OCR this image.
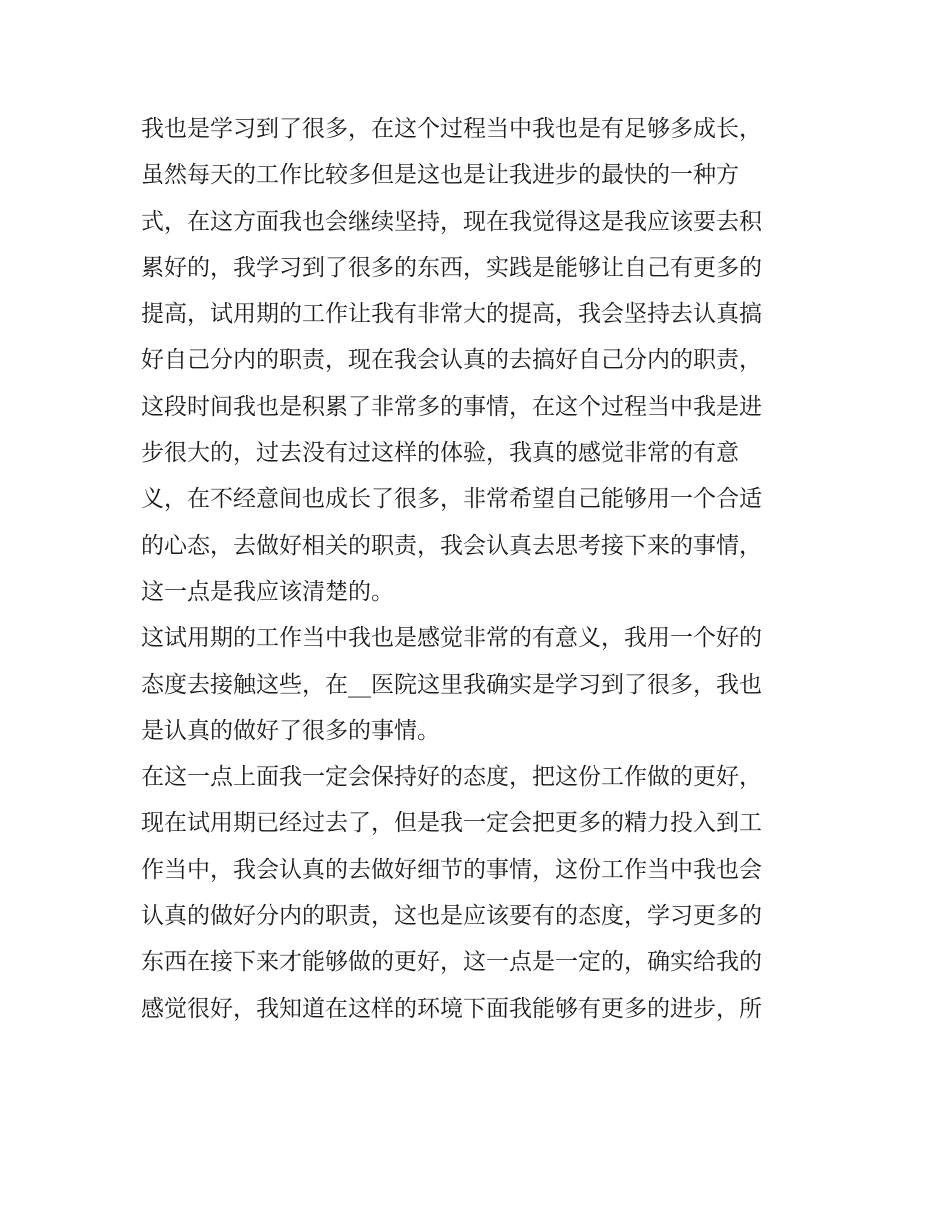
我也是学习到了很多，在这个过程当中我也是有足够多成长，
虽然每天的工作比较多但是这也是让我进步的最快的一种方
式，在这方面我也会继续坚持，现在我觉得这是我应该要去积
累好的，我学习到了很多的东西，实践是能够让自己有更多的
提高，试用期的工作让我有非常大的提高，我会坚持去认真搞
好自己分内的职责，现在我会认真的去搞好自己分内的职责，
这段时间我也是积累了非常多的事情，在这个过程当中我是进
步很大的，过去没有过这样的体验，我真的感觉非常的有意
义，在不经意间也成长了很多，非常希望自己能够用一个合适
的心态，去做好相关的职责，我会认真去思考接下来的事情，
这一点是我应该清楚的。
这试用期的工作当中我也是感觉非常的有意义，我用一个好的
态度去接触这些，在__医院这里我确实是学习到了很多，我也
是认真的做好了很多的事情。
在这一点上面我一定会保持好的态度，把这份工作做的更好，
现在试用期已经过去了，但是我一定会把更多的精力投入到工
作当中，我会认真的去做好细节的事情，这份工作当中我也会
认真的做好分内的职责，这也是应该要有的态度，学习更多的
东西在接下来才能够做的更好，这一点是一定的，确实给我的
感觉很好，我知道在这样的环境下面我能够有更多的进步，所
